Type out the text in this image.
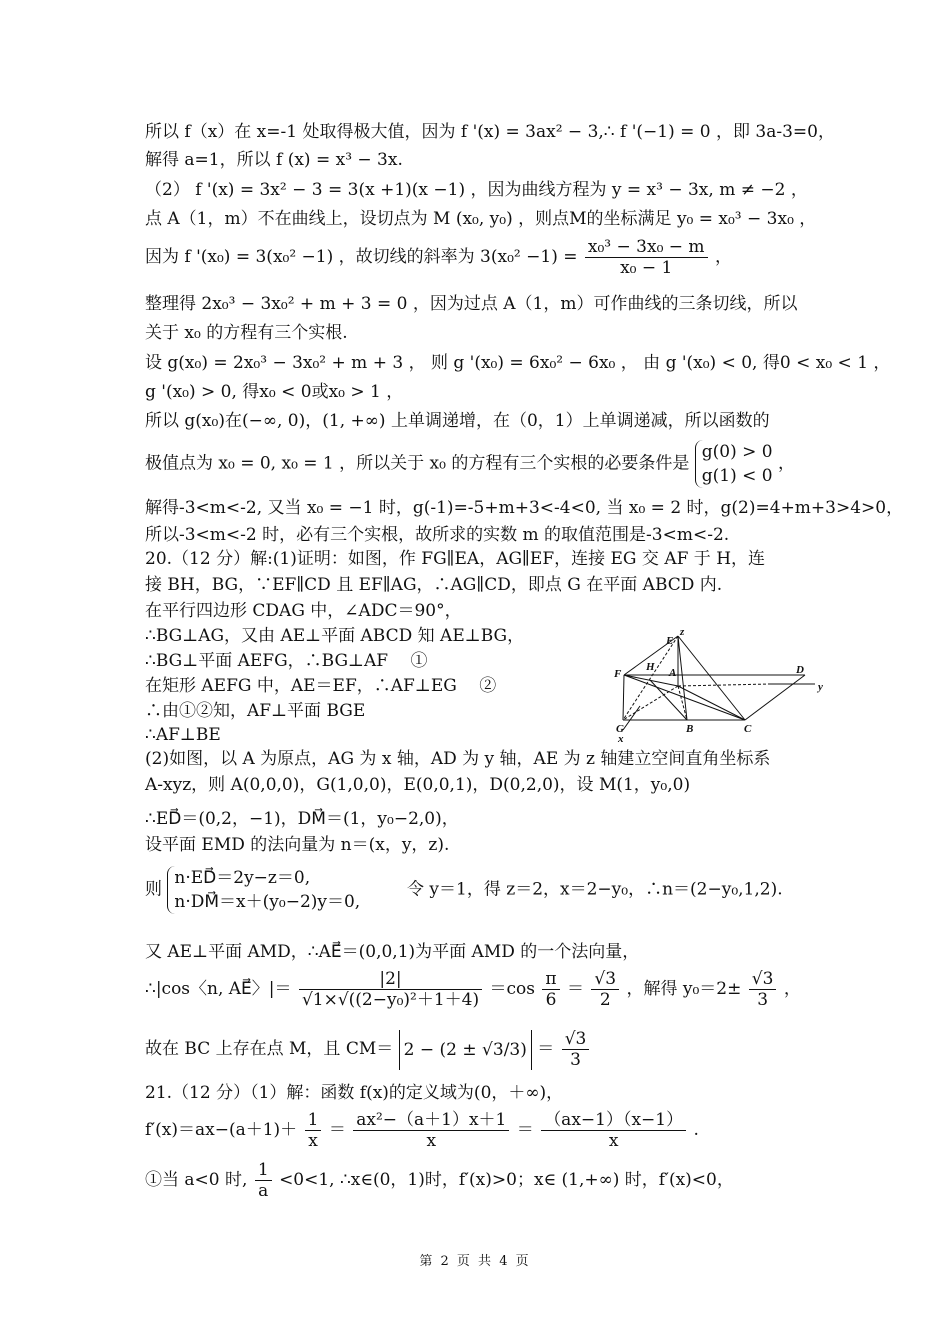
所以 f（x）在 x=-1 处取得极大值，因为 f '(x) = 3ax² − 3,∴ f '(−1) = 0 ，即 3a-3=0，
解得 a=1，所以 f (x) = x³ − 3x.
（2） f '(x) = 3x² − 3 = 3(x +1)(x −1) ，因为曲线方程为 y = x³ − 3x, m ≠ −2 ，
点 A（1，m）不在曲线上，设切点为 M (x₀, y₀) ，则点M的坐标满足 y₀ = x₀³ − 3x₀ ，
因为 f '(x₀) = 3(x₀² −1) ，故切线的斜率为 $3(x_0^2 -1) = \frac{\text{x₀³ − 3x₀ − m}}{\text{x₀ − 1}}$ ，
整理得 2x₀³ − 3x₀² + m + 3 = 0 ，因为过点 A（1，m）可作曲线的三条切线，所以
关于 x₀ 的方程有三个实根.
设 g(x₀) = 2x₀³ − 3x₀² + m + 3 ， 则 g '(x₀) = 6x₀² − 6x₀ ， 由 g '(x₀) < 0, 得0 < x₀ < 1 ，
g '(x₀) > 0, 得x₀ < 0或x₀ > 1 ，
所以 g(x₀)在(−∞, 0)，(1, +∞) 上单调递增，在（0，1）上单调递减，所以函数的
极值点为 x₀ = 0, x₀ = 1 ，所以关于 x₀ 的方程有三个实根的必要条件是
g(0) > 0
g(1) < 0
，
解得-3<m<-2, 又当 x₀ = −1 时，g(-1)=-5+m+3<-4<0, 当 x₀ = 2 时，g(2)=4+m+3>4>0，
所以-3<m<-2 时，必有三个实根，故所求的实数 m 的取值范围是-3<m<-2.
20.（12 分）解:(1)证明：如图，作 FG∥EA，AG∥EF，连接 EG 交 AF 于 H，连
接 BH，BG，∵EF∥CD 且 EF∥AG，∴AG∥CD，即点 G 在平面 ABCD 内.
在平行四边形 CDAG 中，∠ADC＝90°，
∴BG⊥AG，又由 AE⊥平面 ABCD 知 AE⊥BG，
∴BG⊥平面 AEFG，∴BG⊥AF　 ①
在矩形 AEFG 中，AE＝EF，∴AF⊥EG　 ②
∴由①②知，AF⊥平面 BGE
∴AF⊥BE
(2)如图，以 A 为原点，AG 为 x 轴，AD 为 y 轴，AE 为 z 轴建立空间直角坐标系
A-xyz，则 A(0,0,0)，G(1,0,0)，E(0,0,1)，D(0,2,0)，设 M(1，y₀,0)
∴ED⃗＝(0,2，−1)，DM⃗＝(1，y₀−2,0)，
设平面 EMD 的法向量为 n＝(x，y，z).
则
n·ED⃗＝2y−z＝0,
n·DM⃗＝x＋(y₀−2)y＝0,
令 y＝1，得 z＝2，x＝2−y₀，∴n＝(2−y₀,1,2).
又 AE⊥平面 AMD，∴AE⃗＝(0,0,1)为平面 AMD 的一个法向量，
∴|cos〈n, AE⃗〉|＝ $\frac{|2|}{\text{√1×√((2−y₀)²＋1＋4)}} =\cos \frac{\pi}{6} = \frac{√3}{2}$ ，解得 $y_0=2\pm \frac{√3}{3}$ ，
故在 BC 上存在点 M，且 $CM= 2 - (2 \pm √3/3) = \frac{√3}{3}$
21.（12 分）（1）解：函数 f(x)的定义域为(0，＋∞)，
$f'(x)=ax-(a+1)+ \frac{1}{x} = \frac{\text{ax²−（a＋1）x＋1}}{x} = \frac{(ax-1)(x-1)}{x}$ .
①当 a<0 时, $\frac{1}{a} <0<1$, ∴x∈(0，1)时，f′(x)>0；x∈ (1,+∞) 时，f′(x)<0，
z
E
F
H A	D
y
G	B	C
x
第 2 页 共 4 页
